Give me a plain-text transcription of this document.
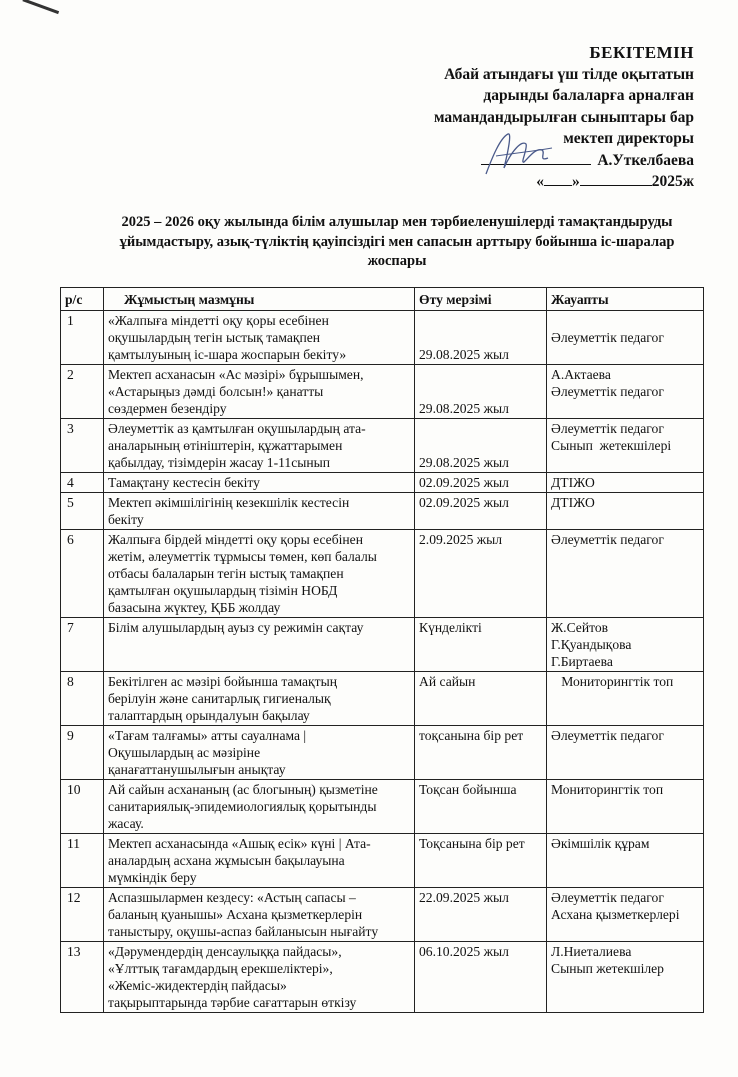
БЕКІТЕМІН
Абай атындағы үш тілде оқытатын
дарынды балаларға арналған
мамандандырылған сыныптары бар
мектеп директоры
А.Уткелбаева
« »	2025ж
2025 – 2026 оқу жылында білім алушылар мен тәрбиеленушілерді тамақтандыруды
ұйымдастыру, азық-түліктің қауіпсіздігі мен сапасын арттыру бойынша іс-шаралар
жоспары
р/с	Жұмыстың мазмұны	Өту мерзімі	Жауапты
1	«Жалпыға міндетті оқу қоры есебінен
оқушылардың тегін ыстық тамақпен
қамтылуының іс-шара жоспарын бекіту»	29.08.2025 жыл	Әлеуметтік педагог

2	Мектеп асханасын «Ас мәзірі» бұрышымен,
«Астарыңыз дәмді болсын!» қанатты
сөздермен безендіру	29.08.2025 жыл	А.Актаева
Әлеуметтік педагог

3	Әлеуметтік аз қамтылған оқушылардың ата-
аналарының өтініштерін, құжаттарымен
қабылдау, тізімдерін жасау 1-11сынып	29.08.2025 жыл	Әлеуметтік педагог
Сынып  жетекшілері

4	Тамақтану кестесін бекіту	02.09.2025 жыл	ДТІЖО

5	Мектеп әкімшілігінің кезекшілік кестесін
бекіту	02.09.2025 жыл	ДТІЖО

6	Жалпыға бірдей міндетті оқу қоры есебінен
жетім, әлеуметтік тұрмысы төмен, көп балалы
отбасы балаларын тегін ыстық тамақпен
қамтылған оқушылардың тізімін НОБД
базасына жүктеу, ҚББ жолдау	2.09.2025 жыл	Әлеуметтік педагог

7	Білім алушылардың ауыз су режимін сақтау	Күнделікті	Ж.Сейтов
Г.Қуандықова
Г.Биртаева

8	Бекітілген ас мәзірі бойынша тамақтың
берілуін және санитарлық гигиеналық
талаптардың орындалуын бақылау	Ай сайын	Мониторингтік топ

9	«Тағам талғамы» атты сауалнама |
Оқушылардың ас мәзіріне
қанағаттанушылығын анықтау	тоқсанына бір рет	Әлеуметтік педагог

10	Ай сайын асхананың (ас блогының) қызметіне
санитариялық-эпидемиологиялық қорытынды
жасау.	Тоқсан бойынша	Мониторингтік топ

11	Мектеп асханасында «Ашық есік» күні | Ата-
аналардың асхана жұмысын бақылауына
мүмкіндік беру	Тоқсанына бір рет	Әкімшілік құрам

12	Аспазшылармен кездесу: «Астың сапасы –
баланың қуанышы» Асхана қызметкерлерін
таныстыру, оқушы-аспаз байланысын нығайту	22.09.2025 жыл	Әлеуметтік педагог
Асхана қызметкерлері

13	«Дәрумендердің денсаулыққа пайдасы»,
«Ұлттық тағамдардың ерекшеліктері»,
«Жеміс-жидектердің пайдасы»
тақырыптарында тәрбие сағаттарын өткізу	06.10.2025 жыл	Л.Ниеталиева
Сынып жетекшілер
